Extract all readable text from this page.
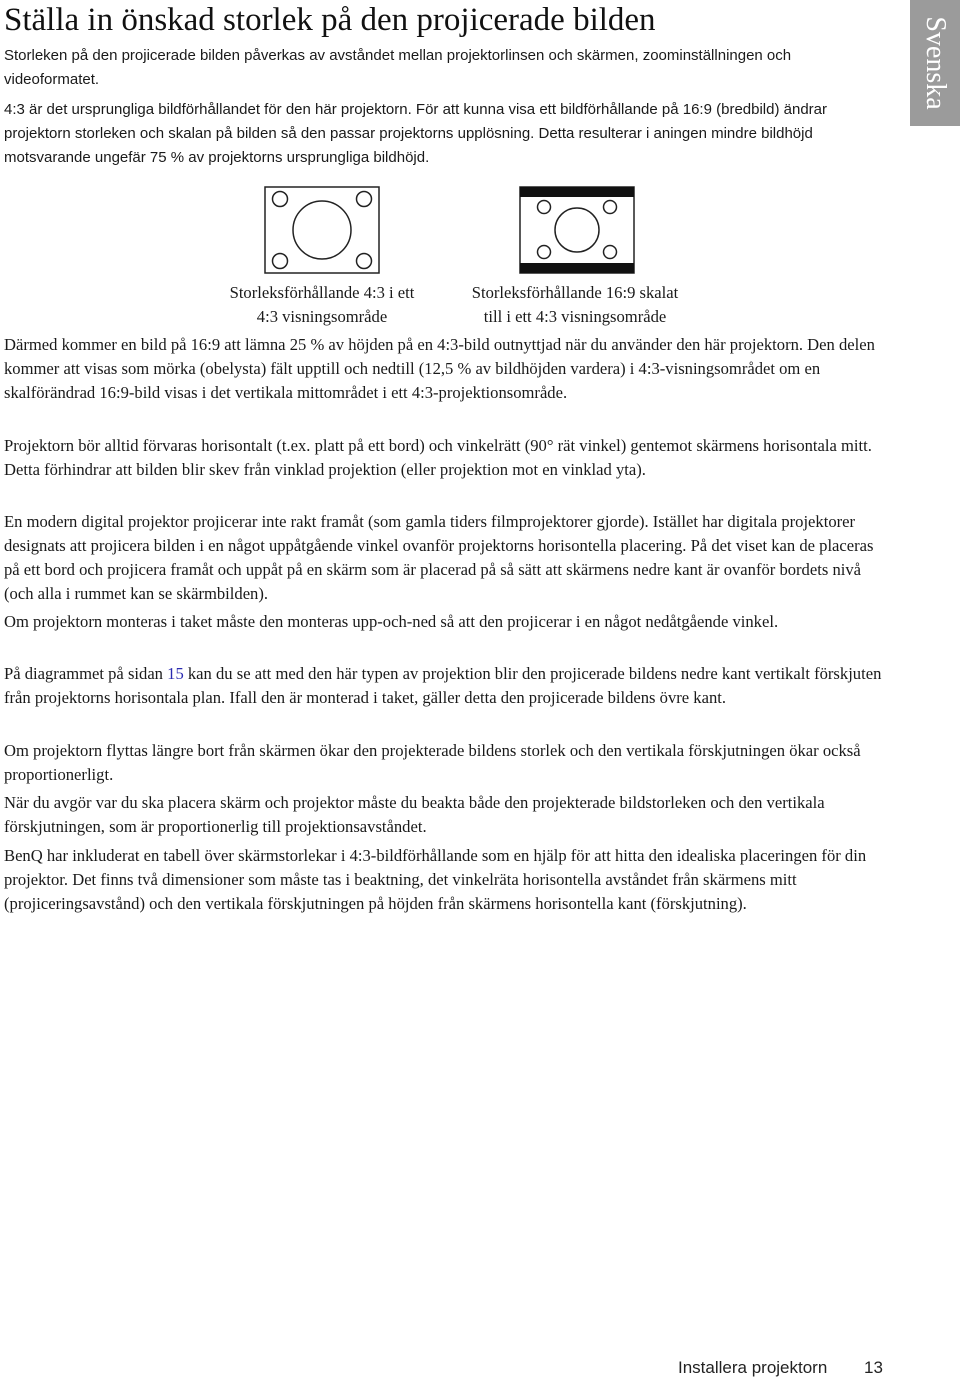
Svenska
Ställa in önskad storlek på den projicerade bilden

Storleken på den projicerade bilden påverkas av avståndet mellan projektorlinsen och skärmen, zoominställningen och videoformatet.

4:3 är det ursprungliga bildförhållandet för den här projektorn. För att kunna visa ett bildförhållande på 16:9 (bredbild) ändrar projektorn storleken och skalan på bilden så den passar projektorns upplösning. Detta resulterar i aningen mindre bildhöjd motsvarande ungefär 75 % av projektorns ursprungliga bildhöjd.

Storleksförhållande 4:3 i ett
4:3 visningsområde
Storleksförhållande 16:9 skalat
till i ett 4:3 visningsområde

Därmed kommer en bild på 16:9 att lämna 25 % av höjden på en 4:3-bild outnyttjad när du använder den här projektorn. Den delen kommer att visas som mörka (obelysta) fält upptill och nedtill (12,5 % av bildhöjden vardera) i 4:3-visningsområdet om en skalförändrad 16:9-bild visas i det vertikala mittområdet i ett 4:3-projektionsområde.

Projektorn bör alltid förvaras horisontalt (t.ex. platt på ett bord) och vinkelrätt (90° rät vinkel) gentemot skärmens horisontala mitt. Detta förhindrar att bilden blir skev från vinklad projektion (eller projektion mot en vinklad yta).

En modern digital projektor projicerar inte rakt framåt (som gamla tiders filmprojektorer gjorde). Istället har digitala projektorer designats att projicera bilden i en något uppåtgående vinkel ovanför projektorns horisontella placering. På det viset kan de placeras på ett bord och projicera framåt och uppåt på en skärm som är placerad på så sätt att skärmens nedre kant är ovanför bordets nivå (och alla i rummet kan se skärmbilden).

Om projektorn monteras i taket måste den monteras upp-och-ned så att den projicerar i en något nedåtgående vinkel.

På diagrammet på sidan 15 kan du se att med den här typen av projektion blir den projicerade bildens nedre kant vertikalt förskjuten från projektorns horisontala plan. Ifall den är monterad i taket, gäller detta den projicerade bildens övre kant.

Om projektorn flyttas längre bort från skärmen ökar den projekterade bildens storlek och den vertikala förskjutningen ökar också proportionerligt.

När du avgör var du ska placera skärm och projektor måste du beakta både den projekterade bildstorleken och den vertikala förskjutningen, som är proportionerlig till projektionsavståndet.

BenQ har inkluderat en tabell över skärmstorlekar i 4:3-bildförhållande som en hjälp för att hitta den idealiska placeringen för din projektor. Det finns två dimensioner som måste tas i beaktning, det vinkelräta horisontella avståndet från skärmens mitt (projiceringsavstånd) och den vertikala förskjutningen på höjden från skärmens horisontella kant (förskjutning).

Installera projektorn 13
